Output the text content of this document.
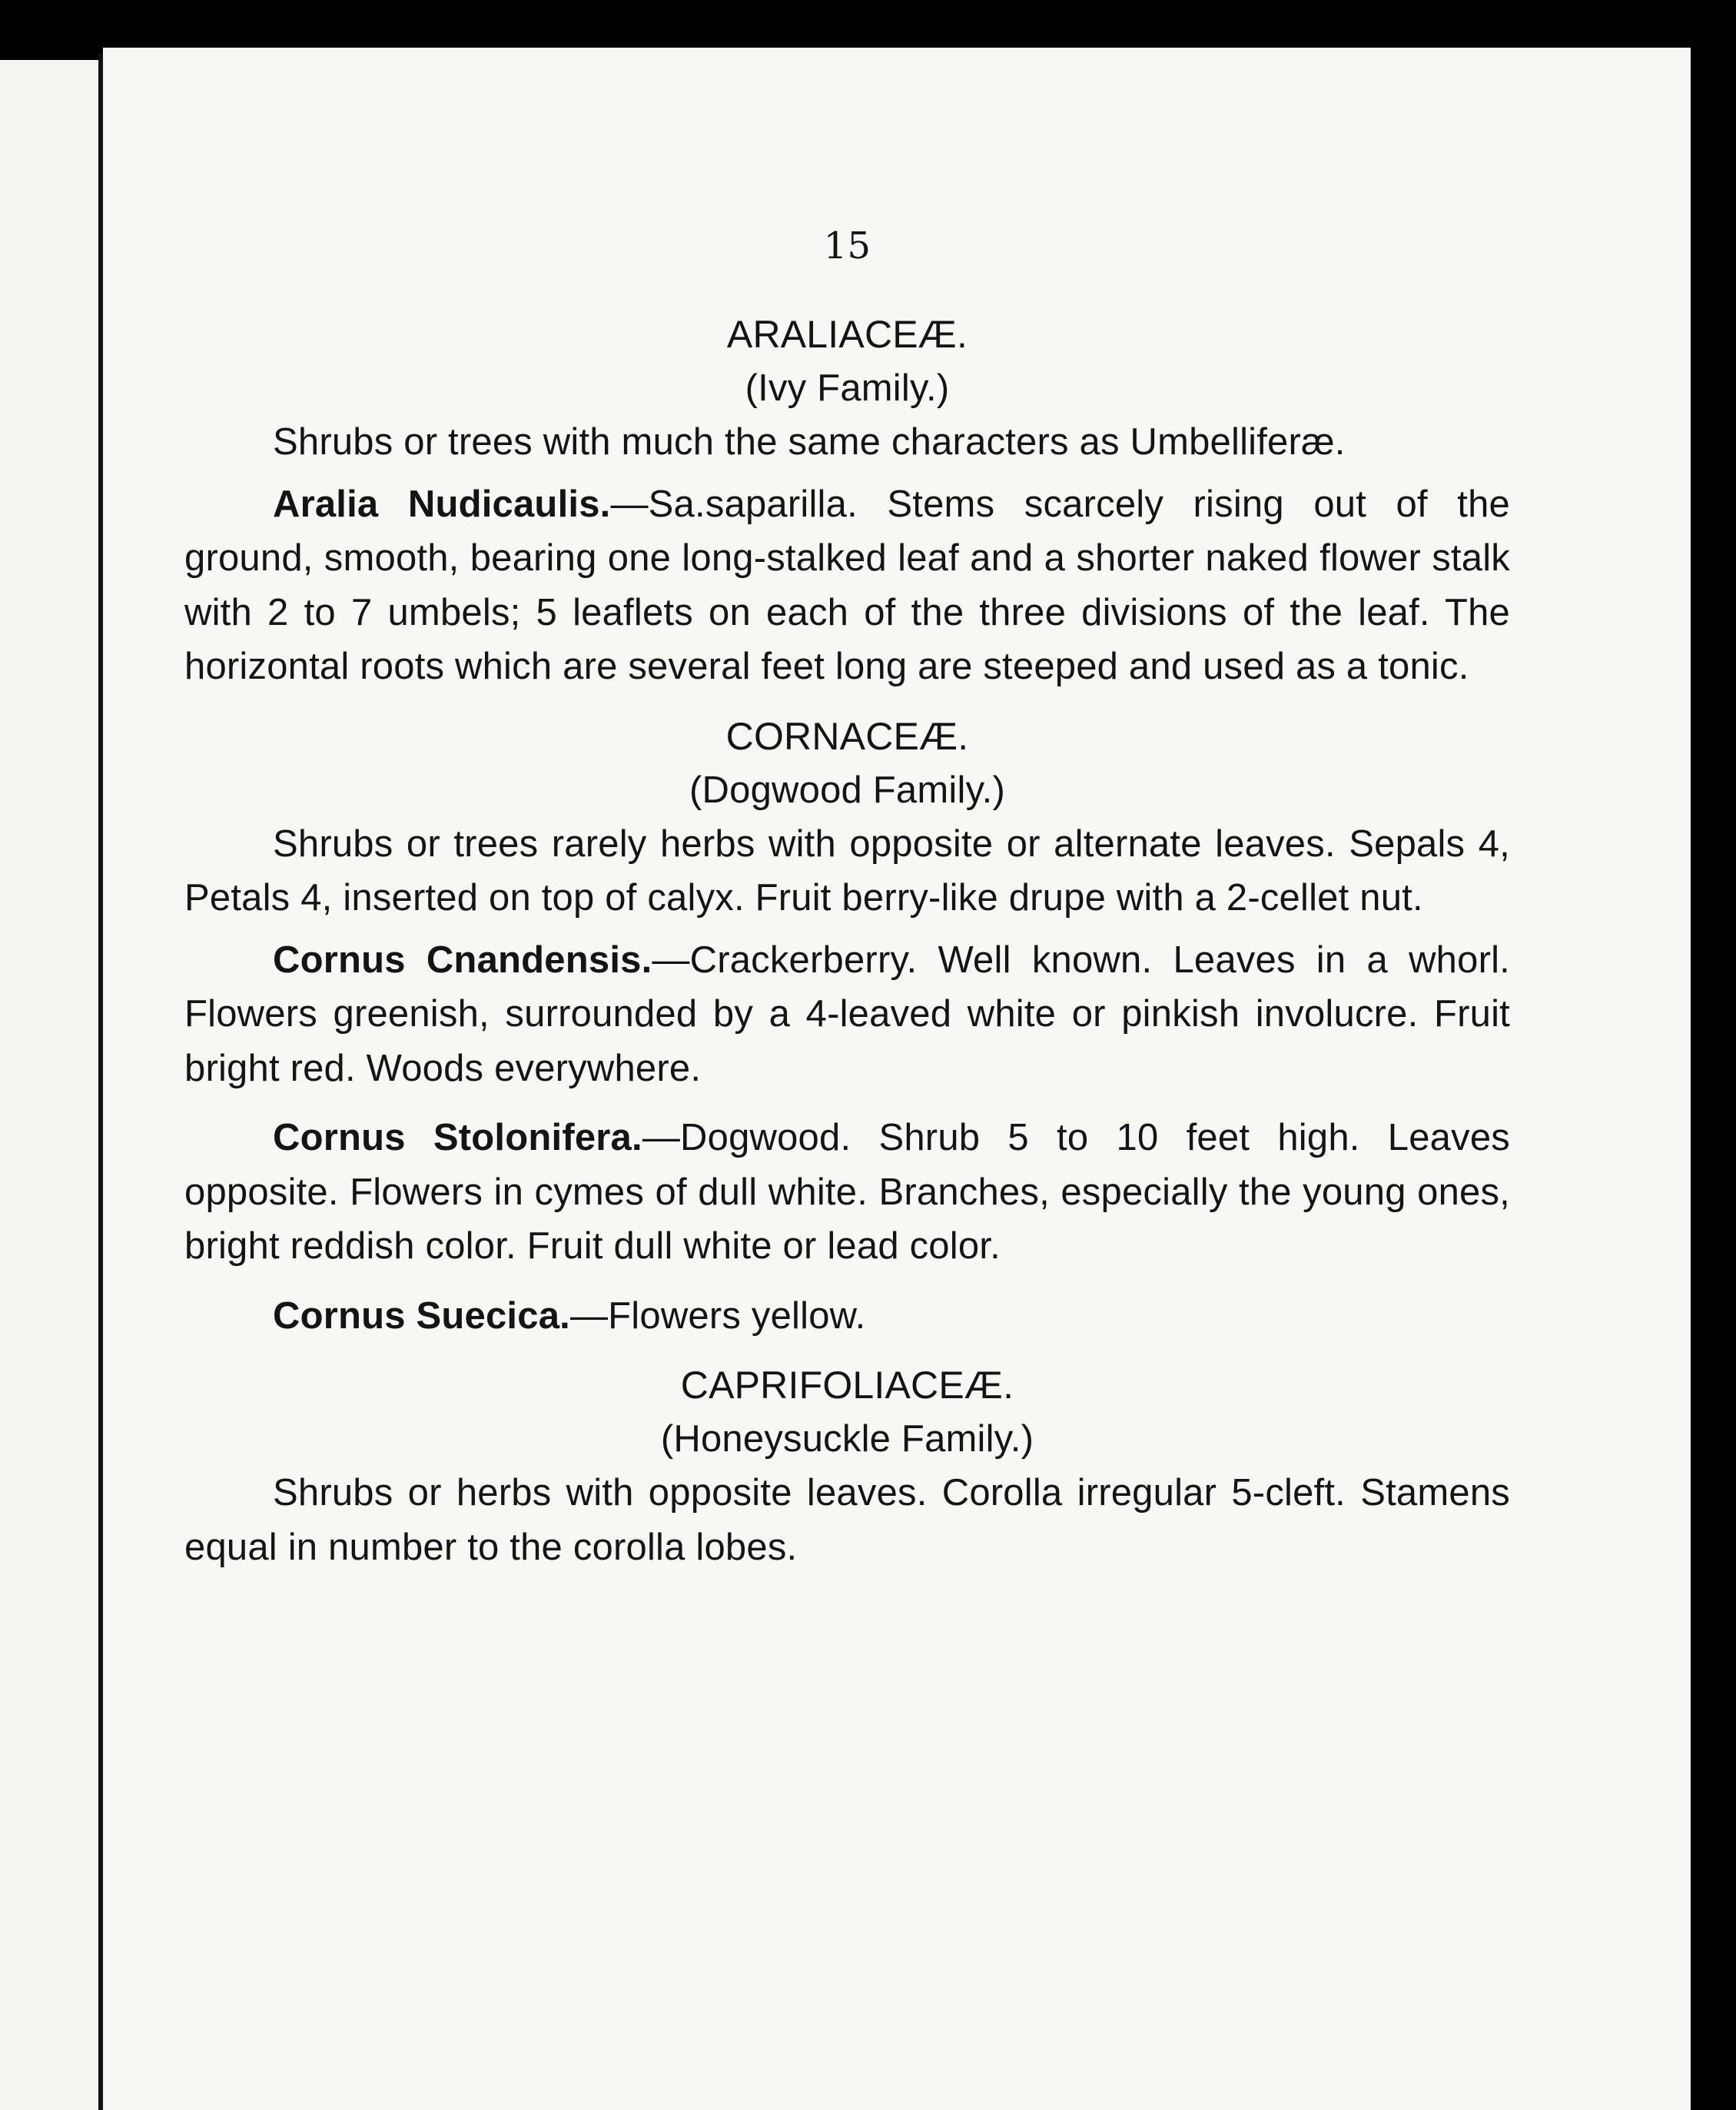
15
ARALIACEÆ.
(Ivy Family.)

Shrubs or trees with much the same characters as Umbelliferæ.

Aralia Nudicaulis.—Sa.saparilla. Stems scarcely rising out of the ground, smooth, bearing one long-stalked leaf and a shorter naked flower stalk with 2 to 7 umbels; 5 leaflets on each of the three divisions of the leaf. The horizontal roots which are several feet long are steeped and used as a tonic.

CORNACEÆ.
(Dogwood Family.)

Shrubs or trees rarely herbs with opposite or alternate leaves. Sepals 4, Petals 4, inserted on top of calyx. Fruit berry-like drupe with a 2-cellet nut.

Cornus Cnandensis.—Crackerberry. Well known. Leaves in a whorl. Flowers greenish, surrounded by a 4-leaved white or pinkish involucre. Fruit bright red. Woods everywhere.

Cornus Stolonifera.—Dogwood. Shrub 5 to 10 feet high. Leaves opposite. Flowers in cymes of dull white. Branches, especially the young ones, bright reddish color. Fruit dull white or lead color.

Cornus Suecica.—Flowers yellow.

CAPRIFOLIACEÆ.
(Honeysuckle Family.)

Shrubs or herbs with opposite leaves. Corolla irregular 5-cleft. Stamens equal in number to the corolla lobes.
